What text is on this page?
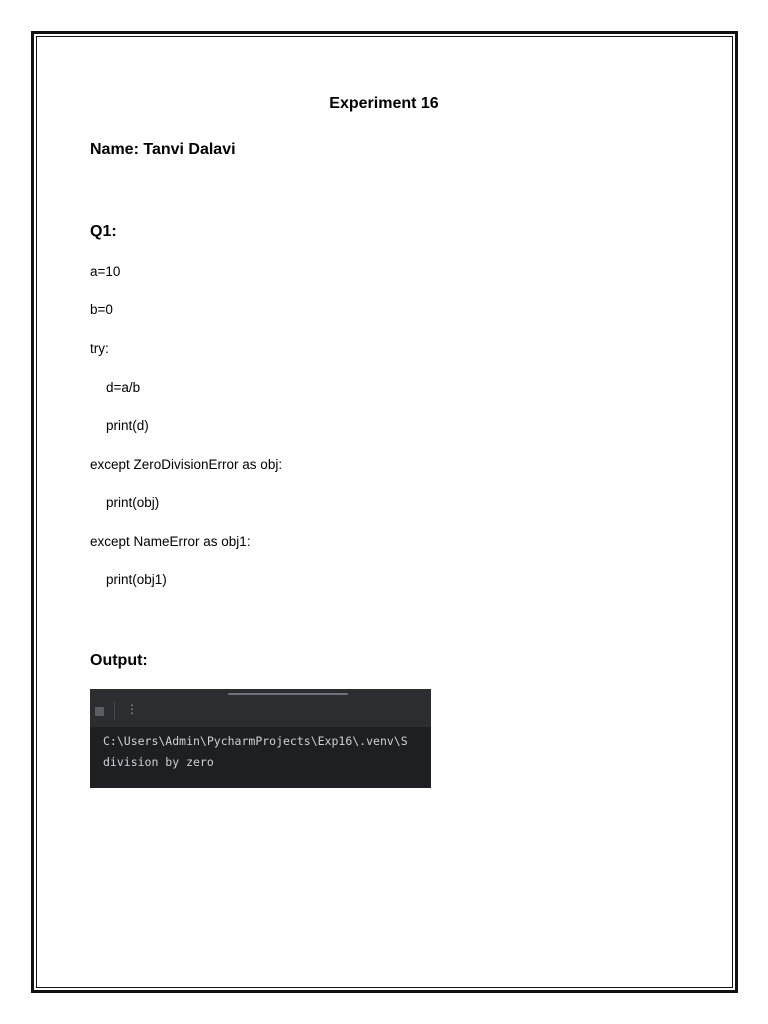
Experiment 16
Name: Tanvi Dalavi
Q1:
a=10
b=0
try:
d=a/b
print(d)
except ZeroDivisionError as obj:
print(obj)
except NameError as obj1:
print(obj1)
Output:
⋮
C:\Users\Admin\PycharmProjects\Exp16\.venv\S
division by zero
